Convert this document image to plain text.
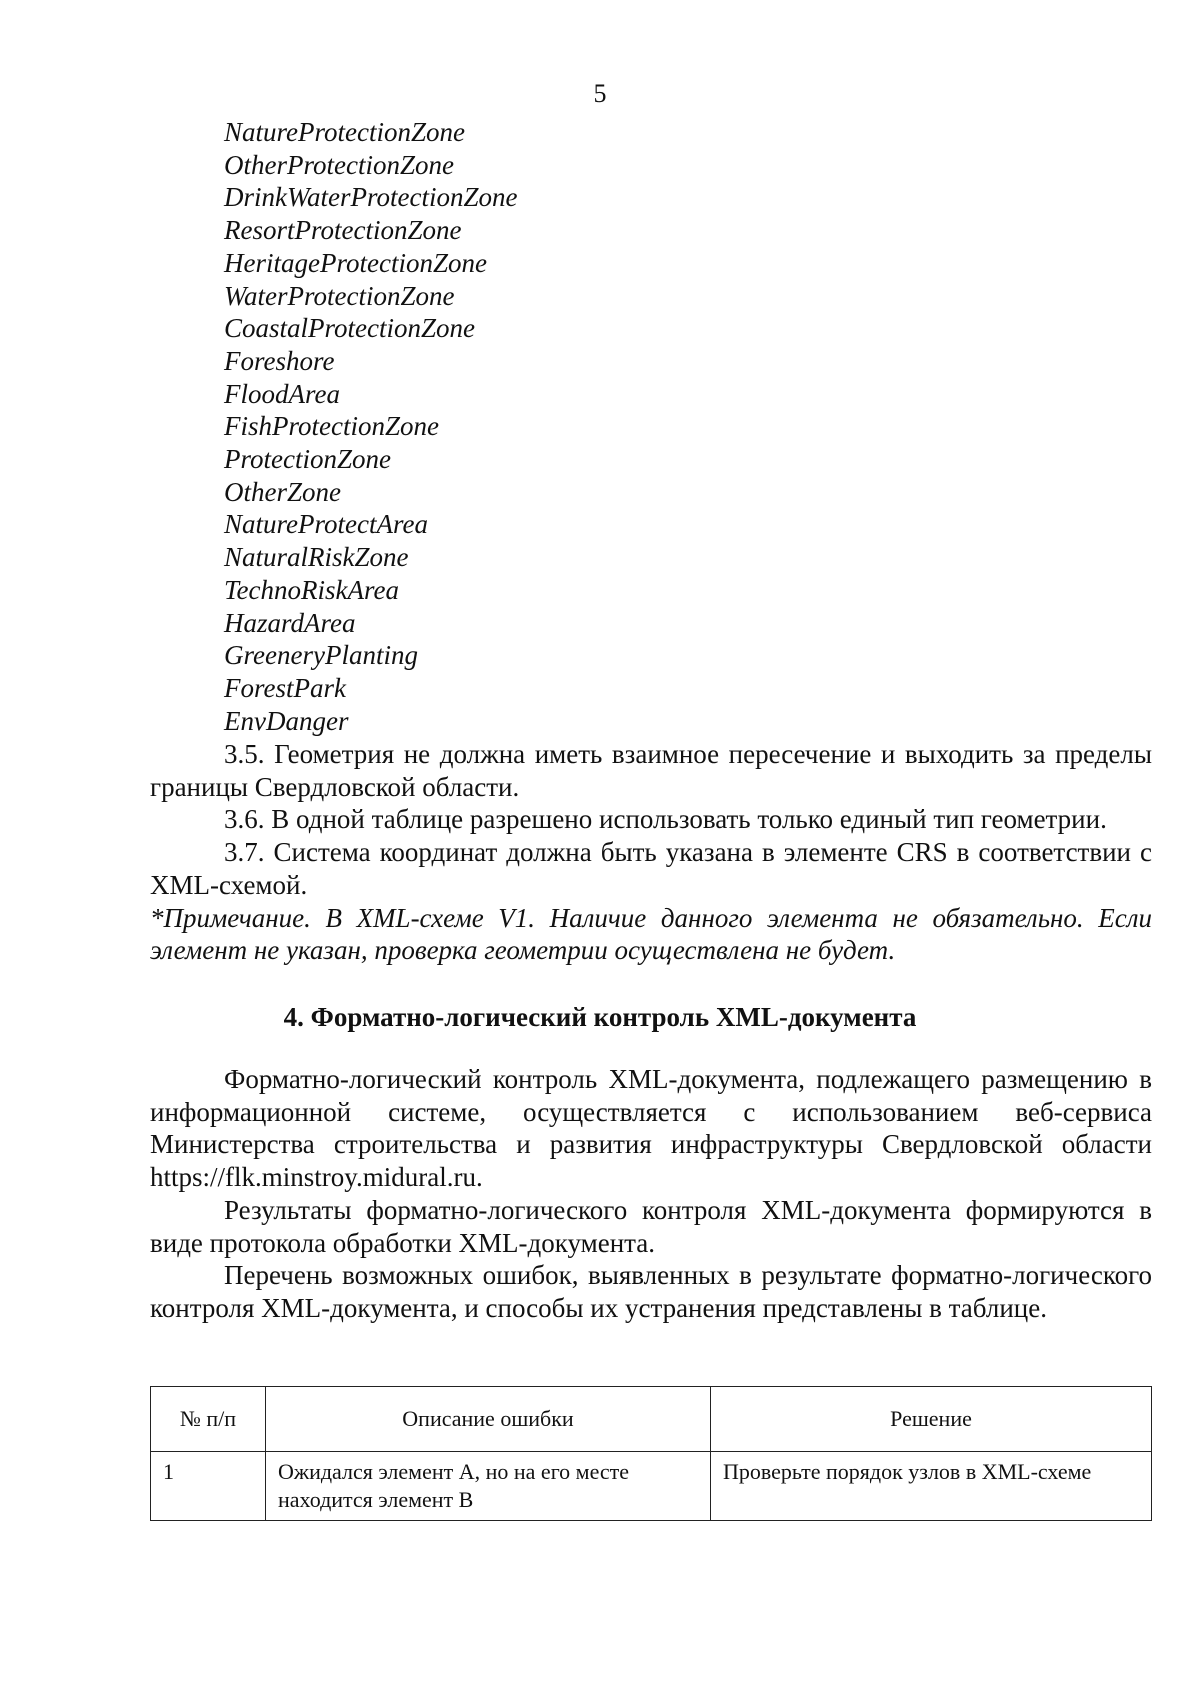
5
NatureProtectionZone
OtherProtectionZone
DrinkWaterProtectionZone
ResortProtectionZone
HeritageProtectionZone
WaterProtectionZone
CoastalProtectionZone
Foreshore
FloodArea
FishProtectionZone
ProtectionZone
OtherZone
NatureProtectArea
NaturalRiskZone
TechnoRiskArea
HazardArea
GreeneryPlanting
ForestPark
EnvDanger

3.5. Геометрия не должна иметь взаимное пересечение и выходить за пределы границы Свердловской области.

3.6. В одной таблице разрешено использовать только единый тип геометрии.

3.7. Система координат должна быть указана в элементе CRS в соответствии с XML-схемой.

*Примечание. В XML-схеме V1. Наличие данного элемента не обязательно. Если элемент не указан, проверка геометрии осуществлена не будет.

4. Форматно-логический контроль XML-документа

Форматно-логический контроль XML-документа, подлежащего размещению в информационной системе, осуществляется с использованием веб-сервиса Министерства строительства и развития инфраструктуры Свердловской области https://flk.minstroy.midural.ru.

Результаты форматно-логического контроля XML-документа формируются в виде протокола обработки XML-документа.

Перечень возможных ошибок, выявленных в результате форматно-логического контроля XML-документа, и способы их устранения представлены в таблице.

№ п/п	Описание ошибки	Решение
1	Ожидался элемент A, но на его месте находится элемент B	Проверьте порядок узлов в XML-схеме
